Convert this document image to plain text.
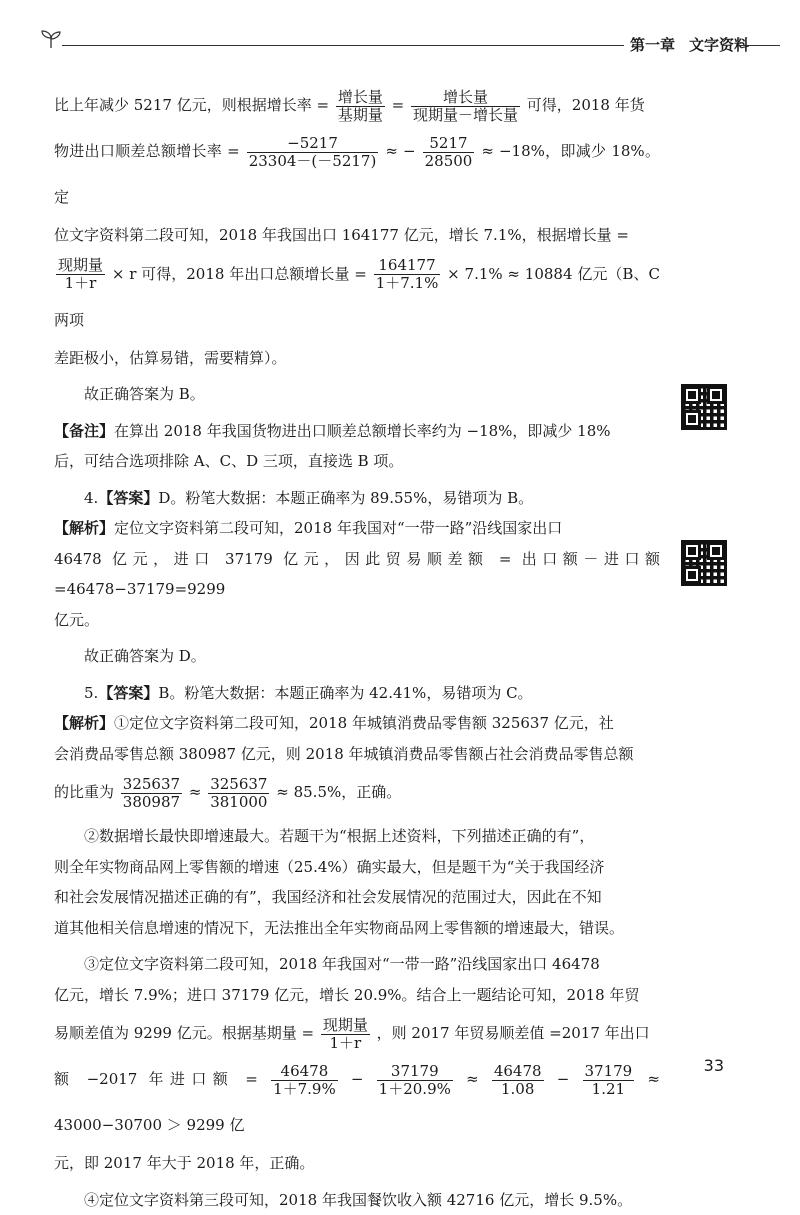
第一章 文字资料

比上年减少 5217 亿元，则根据增长率 = $\frac{\text{增长量}}{\text{基期量}} = \frac{\text{增长量}}{\text{现期量－增长量}}$ 可得，2018 年货

物进出口顺差总额增长率 = $\frac{-5217}{23304-(-5217)}$ ≈ − $\frac{5217}{28500} \approx -18\%$，即减少 18%。定

位文字资料第二段可知，2018 年我国出口 164177 亿元，增长 7.1%，根据增长量 =

$\frac{\text{现期量}}{1+r} \times r$ 可得，2018 年出口总额增长量 = $\frac{164177}{1+7.1\%} \times 7.1\% \approx 10884$ 亿元（B、C 两项

差距极小，估算易错，需要精算）。

故正确答案为 B。

【备注】在算出 2018 年我国货物进出口顺差总额增长率约为 −18%，即减少 18%

后，可结合选项排除 A、C、D 三项，直接选 B 项。

4.【答案】D。粉笔大数据：本题正确率为 89.55%，易错项为 B。

【解析】定位文字资料第二段可知，2018 年我国对“一带一路”沿线国家出口

46478 亿元，进口 37179 亿元，因此贸易顺差额 = 出口额－进口额 =46478−37179=9299

亿元。

故正确答案为 D。

5.【答案】B。粉笔大数据：本题正确率为 42.41%，易错项为 C。

【解析】①定位文字资料第二段可知，2018 年城镇消费品零售额 325637 亿元，社

会消费品零售总额 380987 亿元，则 2018 年城镇消费品零售额占社会消费品零售总额

的比重为 $\frac{325637}{380987} \approx \frac{325637}{381000} \approx 85.5\%$，正确。

②数据增长最快即增速最大。若题干为“根据上述资料，下列描述正确的有”，

则全年实物商品网上零售额的增速（25.4%）确实最大，但是题干为“关于我国经济

和社会发展情况描述正确的有”，我国经济和社会发展情况的范围过大，因此在不知

道其他相关信息增速的情况下，无法推出全年实物商品网上零售额的增速最大，错误。

③定位文字资料第二段可知，2018 年我国对“一带一路”沿线国家出口 46478

亿元，增长 7.9%；进口 37179 亿元，增长 20.9%。结合上一题结论可知，2018 年贸

易顺差值为 9299 亿元。根据基期量 = $\frac{\text{现期量}}{1+r}$ ，则 2017 年贸易顺差值 =2017 年出口

额 −2017 年进口额 = $\frac{46478}{1+7.9\%} - \frac{37179}{1+20.9\%} \approx \frac{46478}{1.08} - \frac{37179}{1.21} \approx 43000-30700 > 9299$ 亿

元，即 2017 年大于 2018 年，正确。

④定位文字资料第三段可知，2018 年我国餐饮收入额 42716 亿元，增长 9.5%。

33
